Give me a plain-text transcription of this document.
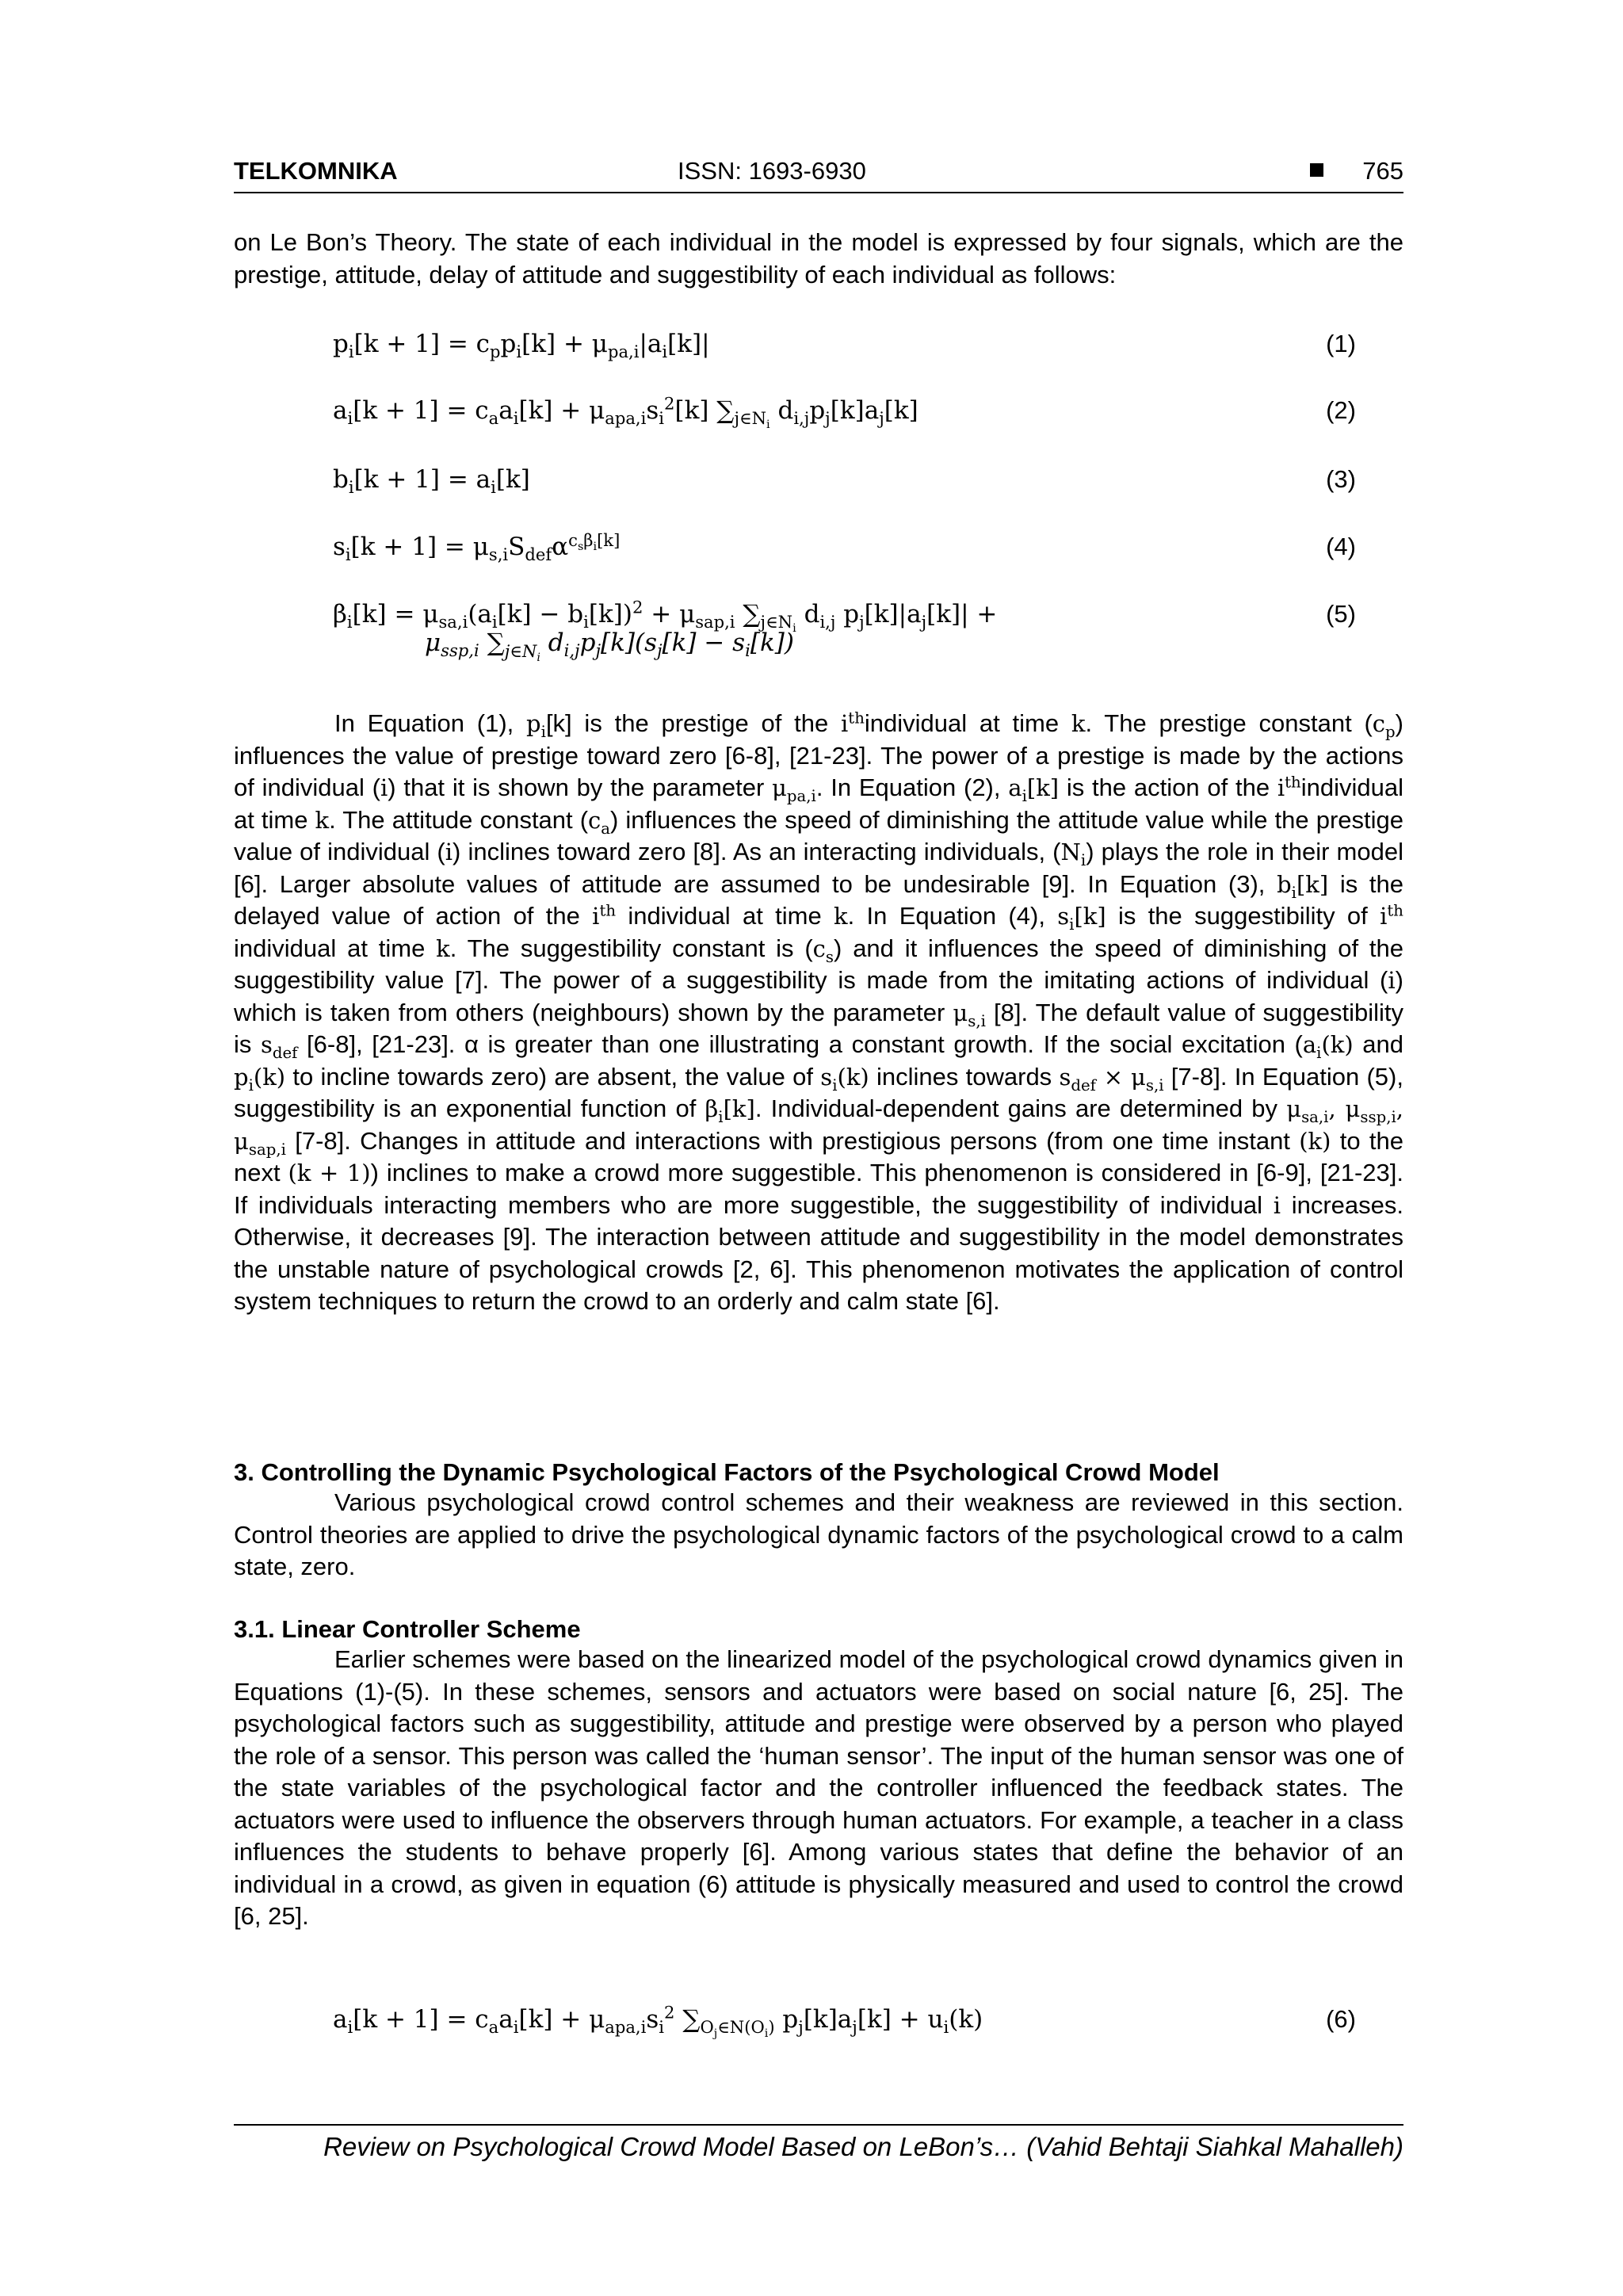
TELKOMNIKA	ISSN: 1693-6930	765

on Le Bon’s Theory. The state of each individual in the model is expressed by four signals, which are the prestige, attitude, delay of attitude and suggestibility of each individual as follows:

$p_i[k + 1] = c_pp_i[k] + \mu_{pa,i}|a_i[k]|$	(1)
$a_i[k + 1] = c_aa_i[k] + \mu_{apa,i}s_i^2[k]$ $\sum_{j\in N_i}$ $d_{i,j}p_j[k]a_j[k]$	(2)
$b_i[k + 1] = a_i[k]$	(3)
$s_i[k + 1] = \mu_{s,i}S_{def}\alpha^{c_s\beta_i[k]}$	(4)
$\beta_i[k] = \mu_{sa,i}(a_i[k] - b_i[k])^2 + \mu_{sap,i}$ $\sum_{j\in N_i}$ $d_{i,j}$ $p_j[k]|a_j[k]|$ +
$\mu_{ssp,i}$ $\sum_{j\in N_i}$ $d_{i,j}p_j[k](s_j[k] - s_i[k])$
(5)

In Equation (1), $p_i[k]$ is the prestige of the $i^{th}individual$ at time k. The prestige constant $(c_p)$ influences the value of prestige toward zero [6-8], [21-23]. The power of a prestige is made by the actions of individual (i) that it is shown by the parameter $\mu_{pa,i}$. In Equation (2), $a_i[k]$ is the action of the $i^{th}individual$ at time k. The attitude constant $(c_a)$ influences the speed of diminishing the attitude value while the prestige value of individual (i) inclines toward zero [8]. As an interacting individuals, $(N_i)$ plays the role in their model [6]. Larger absolute values of attitude are assumed to be undesirable [9]. In Equation (3), $b_i[k]$ is the delayed value of action of the $i^{th}$ individual at time k. In Equation (4), $s_i[k]$ is the suggestibility of $i^{th}$ individual at time k. The suggestibility constant is $(c_s)$ and it influences the speed of diminishing of the suggestibility value [7]. The power of a suggestibility is made from the imitating actions of individual (i) which is taken from others (neighbours) shown by the parameter $\mu_{s,i}$ [8]. The default value of suggestibility is $s_{def}$ [6-8], [21-23]. α is greater than one illustrating a constant growth. If the social excitation ($a_i(k)$ and $p_i(k)$ to incline towards zero) are absent, the value of $s_i(k)$ inclines towards $s_{def} \times \mu_{s,i}$ [7-8]. In Equation (5), suggestibility is an exponential function of $\beta_i[k]$. Individual-dependent gains are determined by $\mu_{sa,i}$, $\mu_{ssp,i}$, $\mu_{sap,i}$ [7-8]. Changes in attitude and interactions with prestigious persons (from one time instant (k) to the next (k + 1)) inclines to make a crowd more suggestible. This phenomenon is considered in [6-9], [21-23]. If individuals interacting members who are more suggestible, the suggestibility of individual i increases. Otherwise, it decreases [9]. The interaction between attitude and suggestibility in the model demonstrates the unstable nature of psychological crowds [2, 6]. This phenomenon motivates the application of control system techniques to return the crowd to an orderly and calm state [6].

3. Controlling the Dynamic Psychological Factors of the Psychological Crowd Model

Various psychological crowd control schemes and their weakness are reviewed in this section. Control theories are applied to drive the psychological dynamic factors of the psychological crowd to a calm state, zero.

3.1. Linear Controller Scheme

Earlier schemes were based on the linearized model of the psychological crowd dynamics given in Equations (1)-(5). In these schemes, sensors and actuators were based on social nature [6, 25]. The psychological factors such as suggestibility, attitude and prestige were observed by a person who played the role of a sensor. This person was called the ‘human sensor’. The input of the human sensor was one of the state variables of the psychological factor and the controller influenced the feedback states. The actuators were used to influence the observers through human actuators. For example, a teacher in a class influences the students to behave properly [6]. Among various states that define the behavior of an individual in a crowd, as given in equation (6) attitude is physically measured and used to control the crowd [6, 25].

$a_i[k + 1] = c_aa_i[k] + \mu_{apa,i}s_i^2$ $\sum_{O_j\in N(O_i)}$ $p_j[k]a_j[k] + u_i(k)$	(6)
Review on Psychological Crowd Model Based on LeBon’s… (Vahid Behtaji Siahkal Mahalleh)
